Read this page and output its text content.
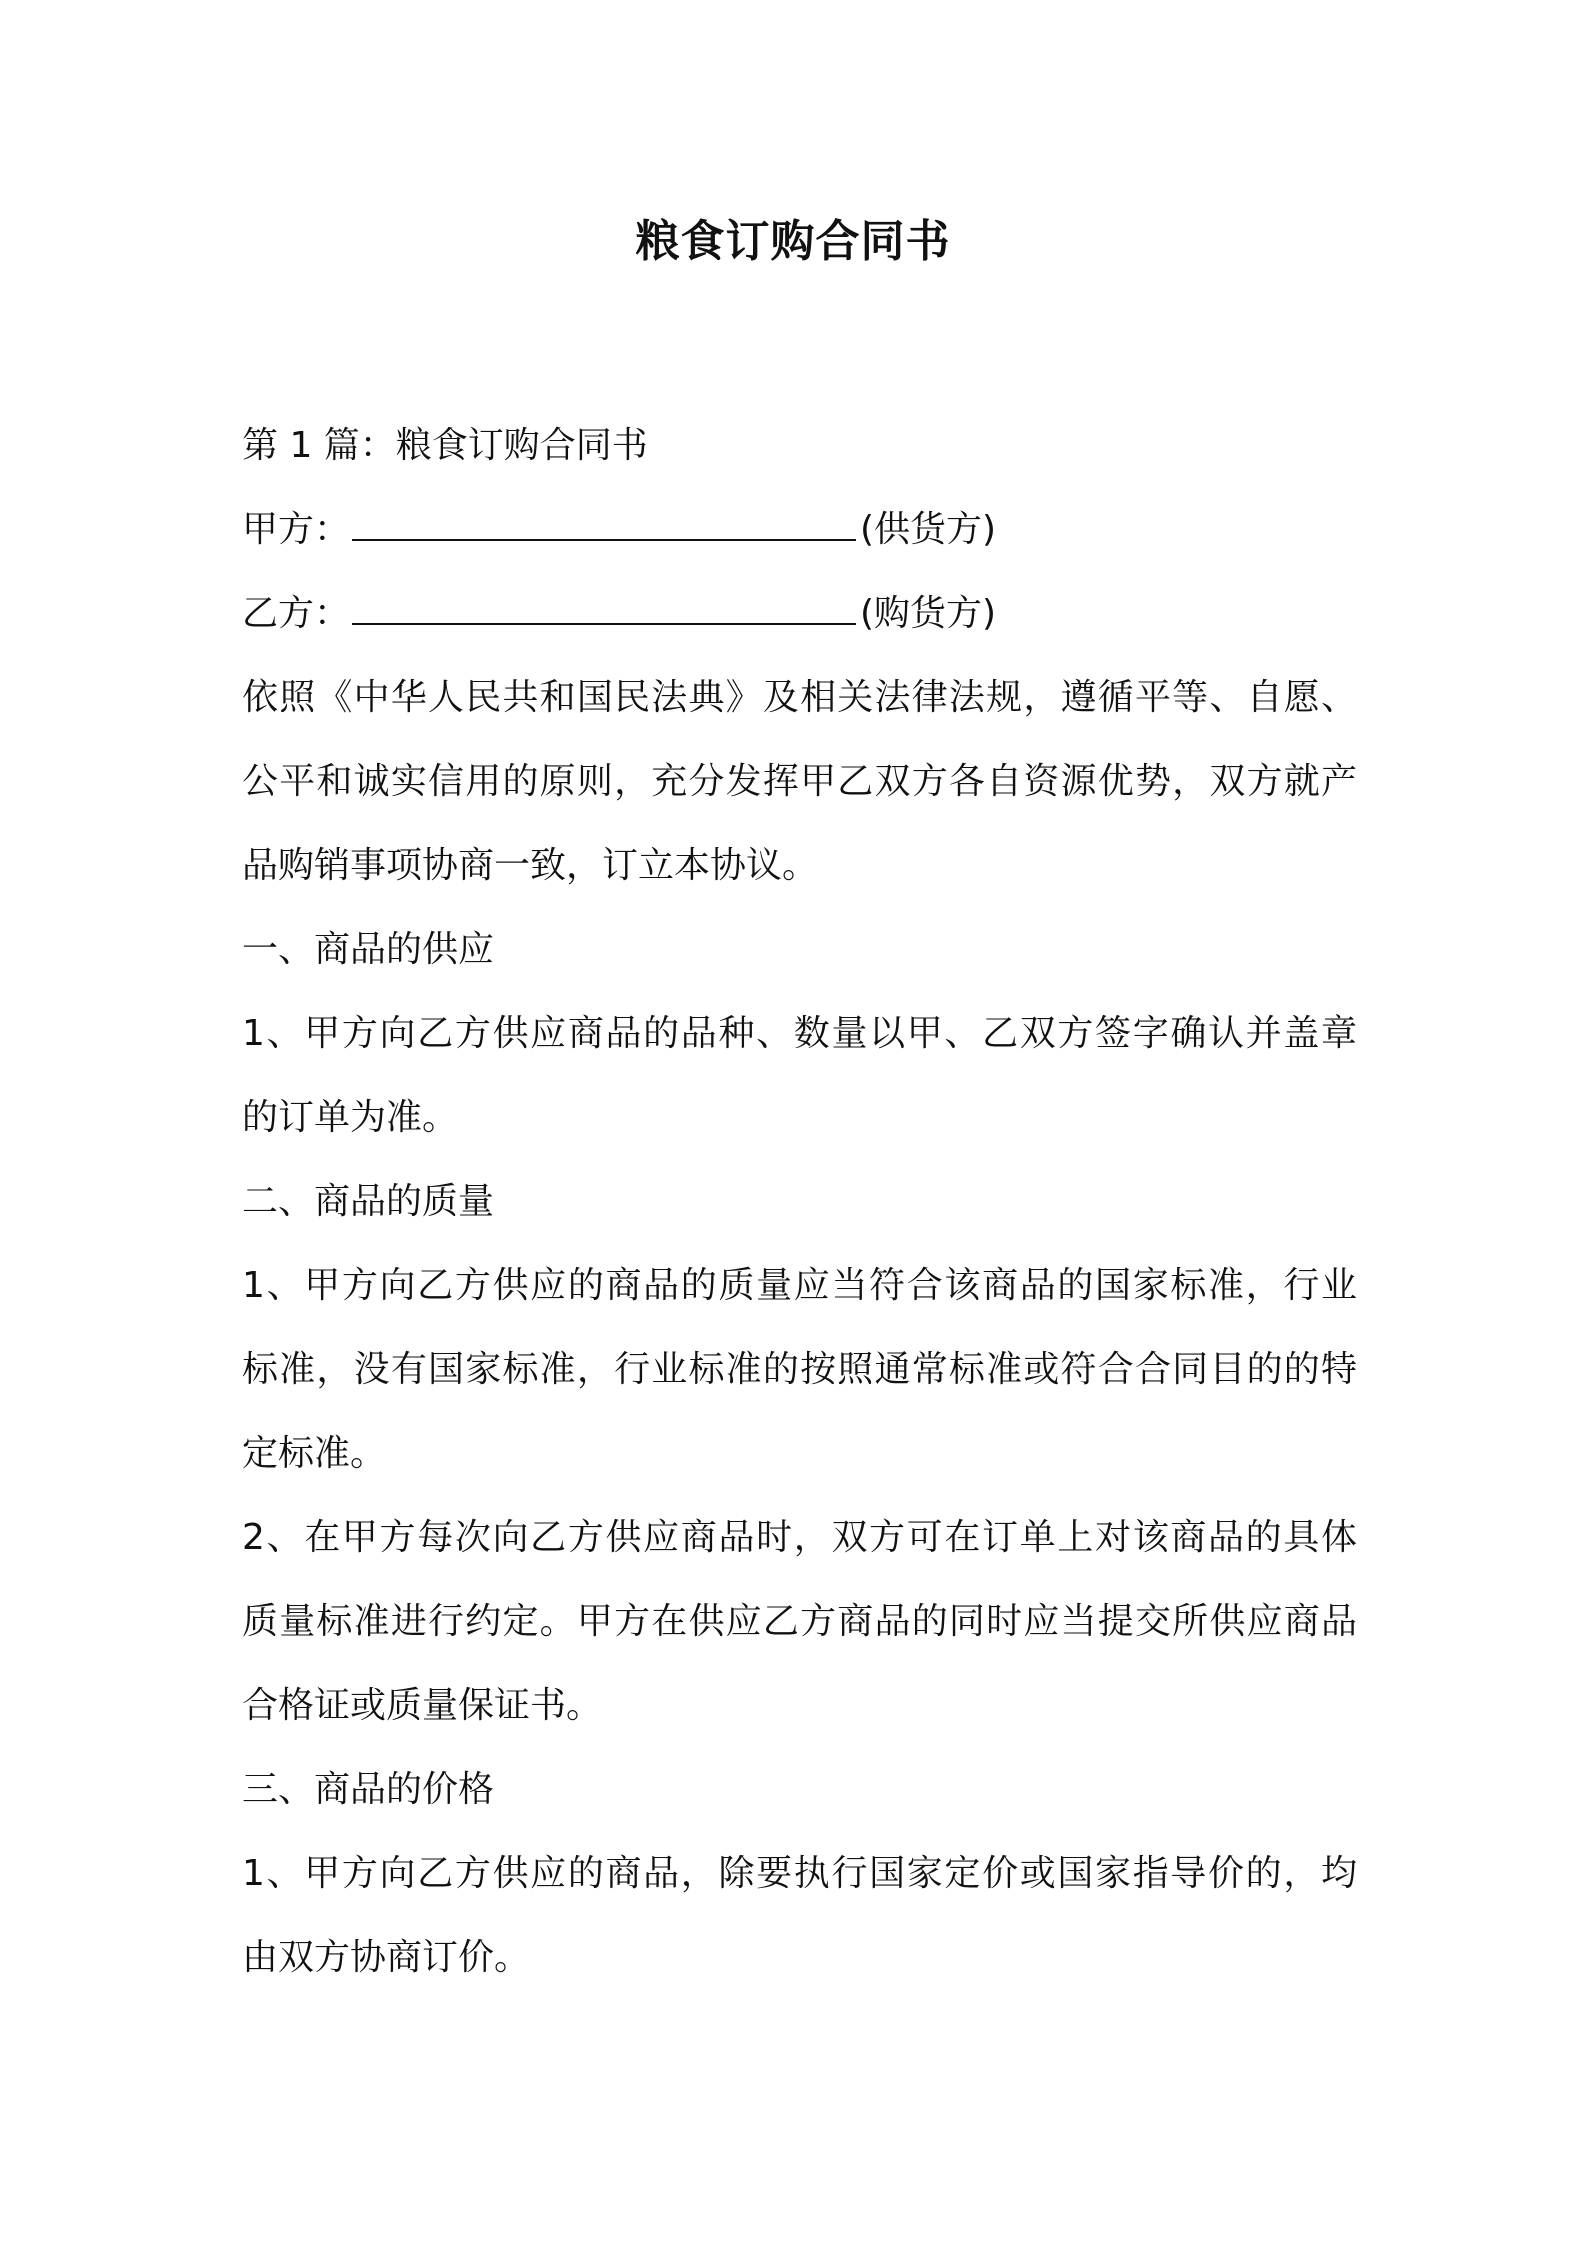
粮食订购合同书
第 1 篇：粮食订购合同书
甲方：	(供货方)
乙方：	(购货方)
依照《中华人民共和国民法典》及相关法律法规，遵循平等、自愿、
公平和诚实信用的原则，充分发挥甲乙双方各自资源优势，双方就产
品购销事项协商一致，订立本协议。
一、商品的供应
1、甲方向乙方供应商品的品种、数量以甲、乙双方签字确认并盖章
的订单为准。
二、商品的质量
1、甲方向乙方供应的商品的质量应当符合该商品的国家标准，行业
标准，没有国家标准，行业标准的按照通常标准或符合合同目的的特
定标准。
2、在甲方每次向乙方供应商品时，双方可在订单上对该商品的具体
质量标准进行约定。甲方在供应乙方商品的同时应当提交所供应商品
合格证或质量保证书。
三、商品的价格
1、甲方向乙方供应的商品，除要执行国家定价或国家指导价的，均
由双方协商订价。
